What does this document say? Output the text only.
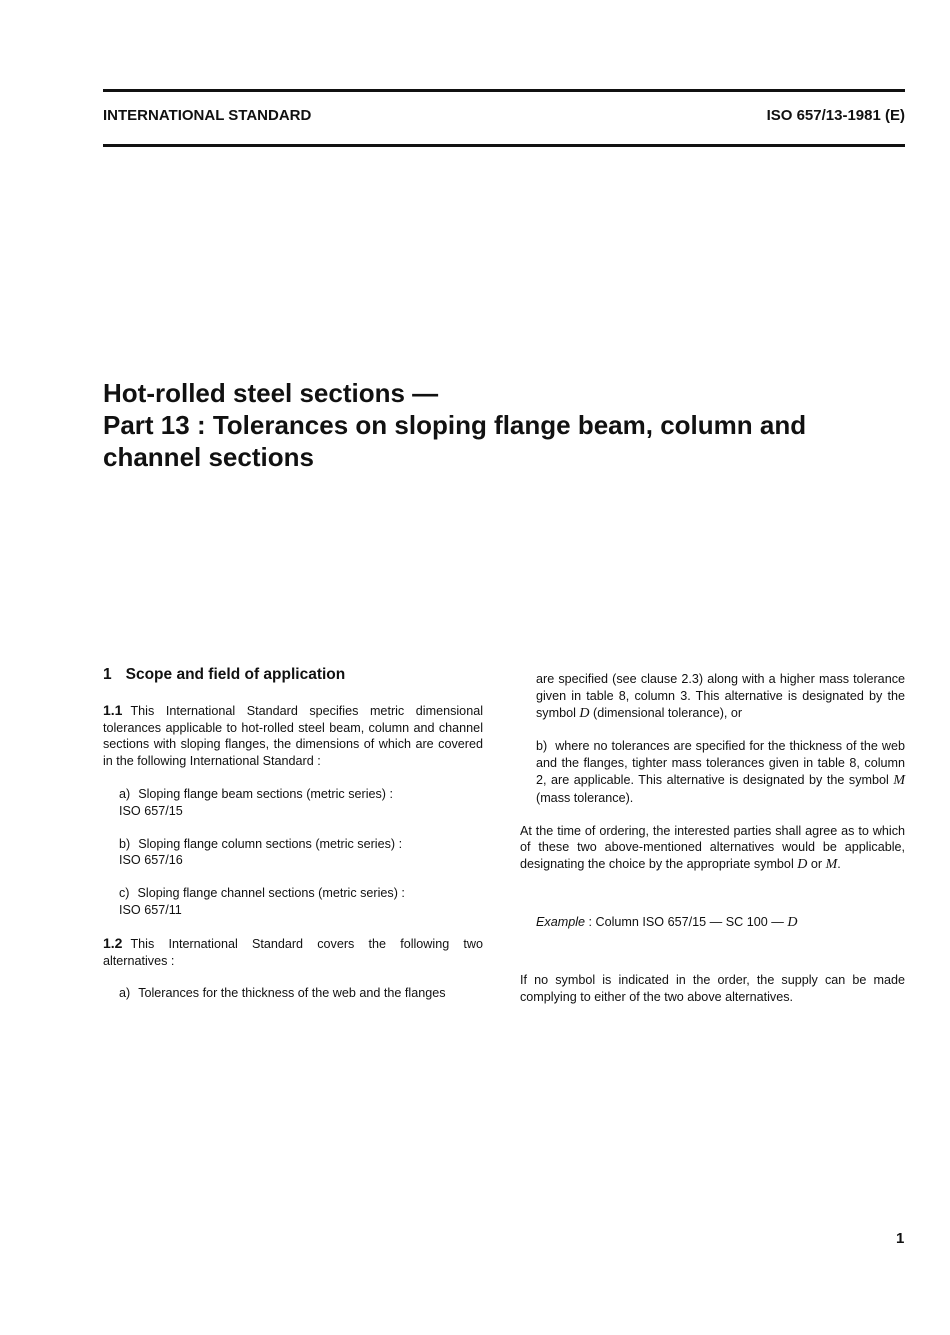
INTERNATIONAL STANDARD	ISO 657/13-1981 (E)
Hot-rolled steel sections —
Part 13 : Tolerances on sloping flange beam, column and
channel sections
1 Scope and field of application

1.1 This International Standard specifies metric dimensional tolerances applicable to hot-rolled steel beam, column and channel sections with sloping flanges, the dimensions of which are covered in the following International Standard :

a) Sloping flange beam sections (metric series) :
ISO 657/15

b) Sloping flange column sections (metric series) :
ISO 657/16

c) Sloping flange channel sections (metric series) :
ISO 657/11

1.2 This International Standard covers the following two alternatives :

a) Tolerances for the thickness of the web and the flanges

are specified (see clause 2.3) along with a higher mass tolerance given in table 8, column 3. This alternative is designated by the symbol D (dimensional tolerance), or

b) where no tolerances are specified for the thickness of the web and the flanges, tighter mass tolerances given in table 8, column 2, are applicable. This alternative is designated by the symbol M (mass tolerance).

At the time of ordering, the interested parties shall agree as to which of these two above-mentioned alternatives would be applicable, designating the choice by the appropriate symbol D or M.

Example : Column ISO 657/15 — SC 100 — D

If no symbol is indicated in the order, the supply can be made complying to either of the two above alternatives.

1
